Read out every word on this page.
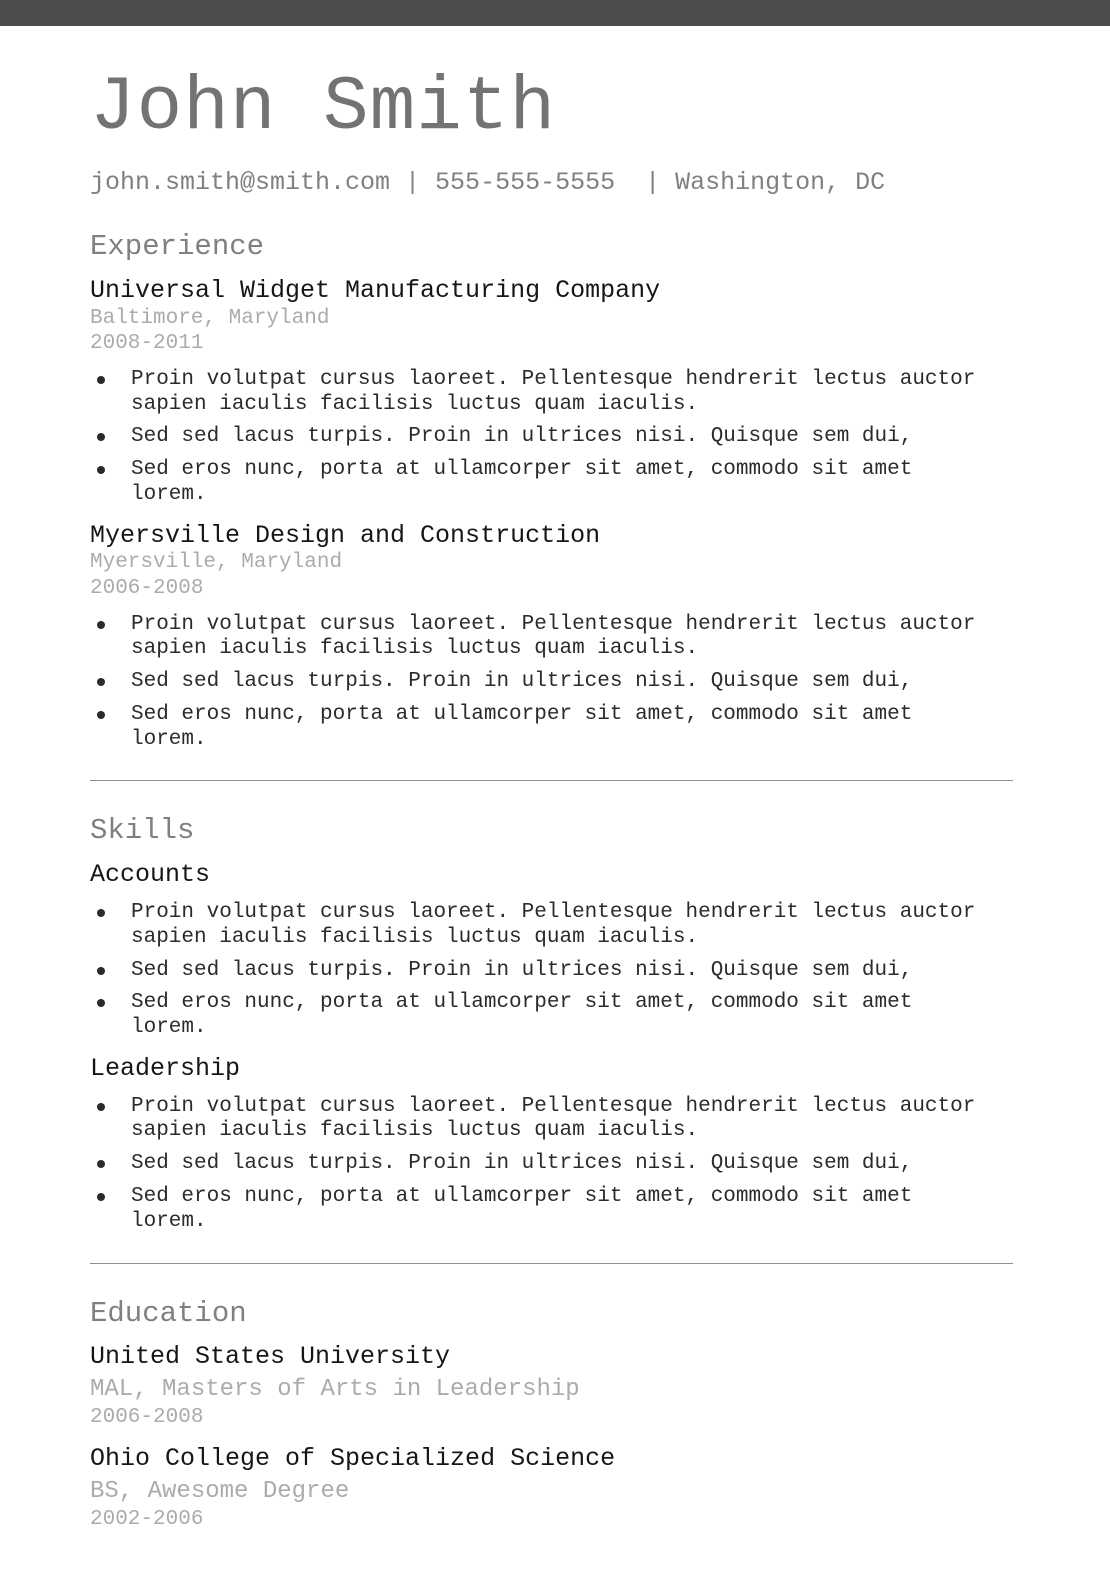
John Smith
john.smith@smith.com | 555-555-5555  | Washington, DC
Experience
Universal Widget Manufacturing Company
Baltimore, Maryland
2008-2011
Proin volutpat cursus laoreet. Pellentesque hendrerit lectus auctor sapien iaculis facilisis luctus quam iaculis.
Sed sed lacus turpis. Proin in ultrices nisi. Quisque sem dui,
Sed eros nunc, porta at ullamcorper sit amet, commodo sit amet lorem.
Myersville Design and Construction
Myersville, Maryland
2006-2008
Proin volutpat cursus laoreet. Pellentesque hendrerit lectus auctor sapien iaculis facilisis luctus quam iaculis.
Sed sed lacus turpis. Proin in ultrices nisi. Quisque sem dui,
Sed eros nunc, porta at ullamcorper sit amet, commodo sit amet lorem.
Skills
Accounts
Proin volutpat cursus laoreet. Pellentesque hendrerit lectus auctor sapien iaculis facilisis luctus quam iaculis.
Sed sed lacus turpis. Proin in ultrices nisi. Quisque sem dui,
Sed eros nunc, porta at ullamcorper sit amet, commodo sit amet lorem.
Leadership
Proin volutpat cursus laoreet. Pellentesque hendrerit lectus auctor sapien iaculis facilisis luctus quam iaculis.
Sed sed lacus turpis. Proin in ultrices nisi. Quisque sem dui,
Sed eros nunc, porta at ullamcorper sit amet, commodo sit amet lorem.
Education
United States University
MAL, Masters of Arts in Leadership
2006-2008
Ohio College of Specialized Science
BS, Awesome Degree
2002-2006
